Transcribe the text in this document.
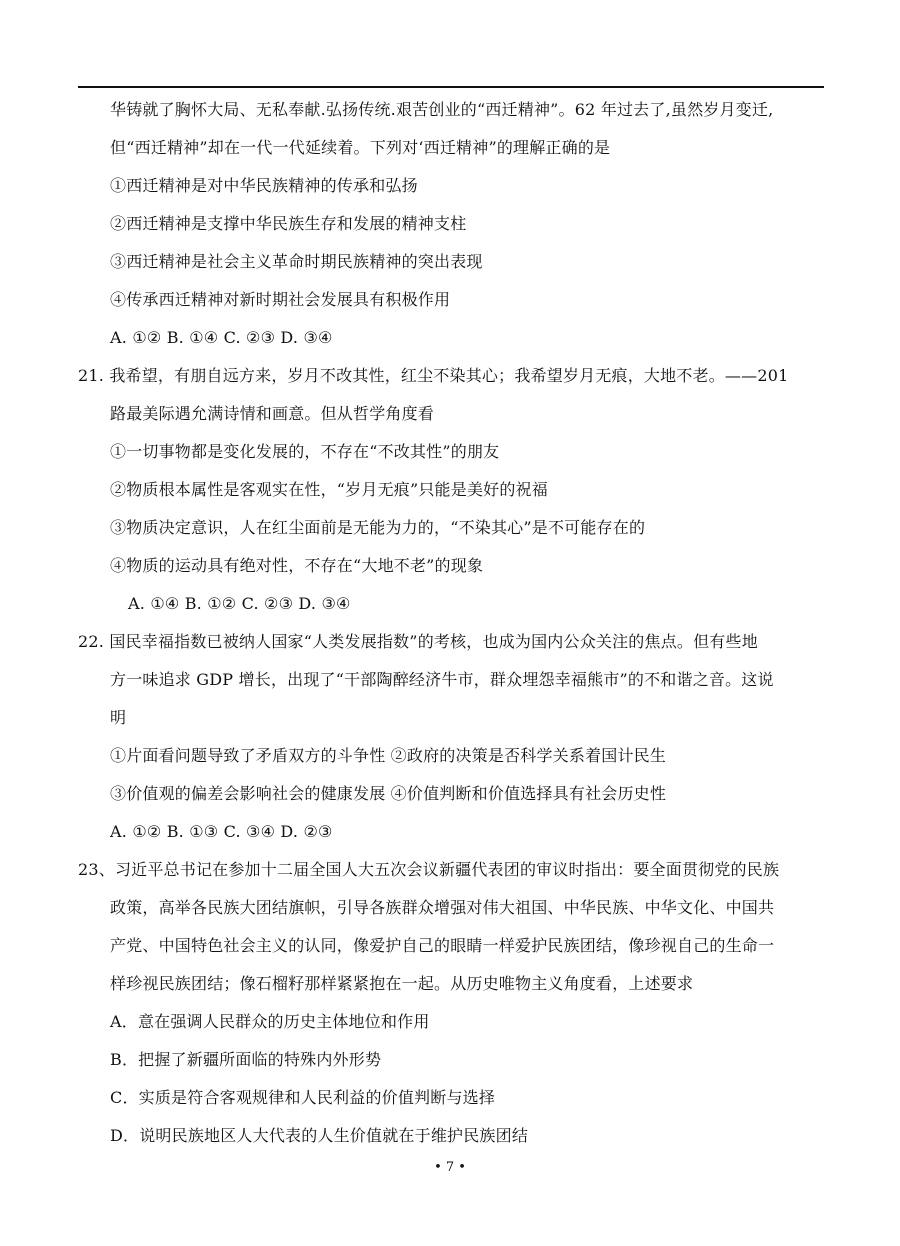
华铸就了胸怀大局、无私奉献.弘扬传统.艰苦创业的“西迁精神”。62 年过去了,虽然岁月变迁,
但“西迁精神”却在一代一代延续着。下列对‘西迁精神”的理解正确的是
①西迁精神是对中华民族精神的传承和弘扬
②西迁精神是支撑中华民族生存和发展的精神支柱
③西迁精神是社会主义革命时期民族精神的突出表现
④传承西迁精神对新时期社会发展具有积极作用
A. ①② B. ①④ C. ②③ D. ③④
21. 我希望，有朋自远方来，岁月不改其性，红尘不染其心；我希望岁月无痕，大地不老。——201
路最美际遇允满诗情和画意。但从哲学角度看
①一切事物都是变化发展的，不存在“不改其性”的朋友
②物质根本属性是客观实在性，“岁月无痕”只能是美好的祝福
③物质决定意识，人在红尘面前是无能为力的，“不染其心”是不可能存在的
④物质的运动具有绝对性，不存在“大地不老”的现象
A. ①④ B. ①② C. ②③ D. ③④
22. 国民幸福指数已被纳人国家“人类发展指数”的考核，也成为国内公众关注的焦点。但有些地
方一味追求 GDP 增长，出现了“干部陶醉经济牛市，群众埋怨幸福熊市”的不和谐之音。这说
明
①片面看问题导致了矛盾双方的斗争性 ②政府的决策是否科学关系着国计民生
③价值观的偏差会影响社会的健康发展 ④价值判断和价值选择具有社会历史性
A. ①② B. ①③ C. ③④ D. ②③
23、习近平总书记在参加十二届全国人大五次会议新疆代表团的审议时指出：要全面贯彻党的民族
政策，高举各民族大团结旗帜，引导各族群众增强对伟大祖国、中华民族、中华文化、中国共
产党、中国特色社会主义的认同，像爱护自己的眼睛一样爱护民族团结，像珍视自己的生命一
样珍视民族团结；像石榴籽那样紧紧抱在一起。从历史唯物主义角度看，上述要求
A．意在强调人民群众的历史主体地位和作用
B．把握了新疆所面临的特殊内外形势
C．实质是符合客观规律和人民利益的价值判断与选择
D．说明民族地区人大代表的人生价值就在于维护民族团结
• 7 •
